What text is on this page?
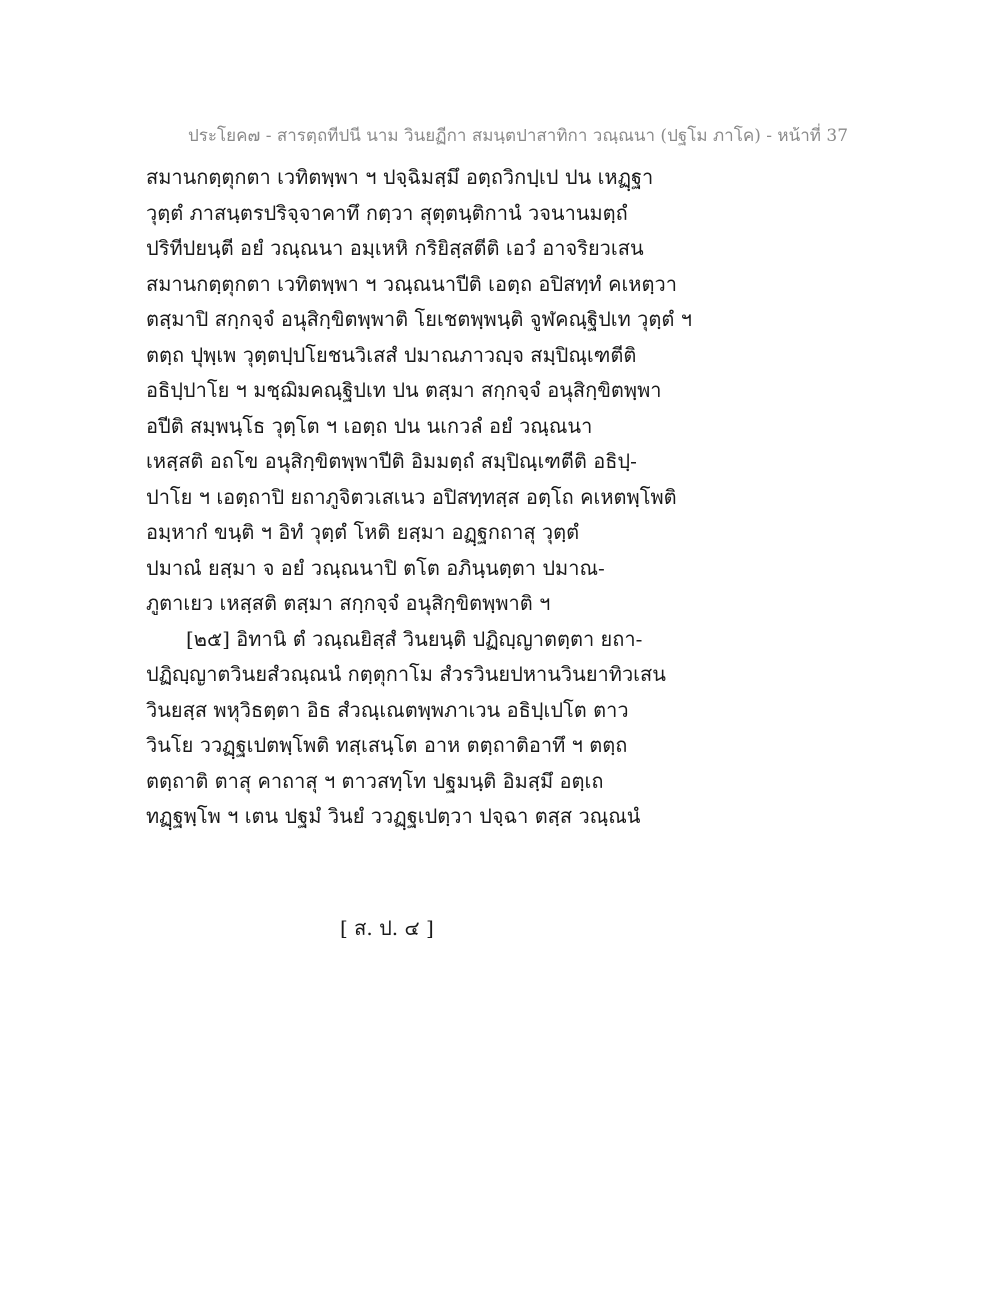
ประโยค๗ - สารตฺถทีปนี นาม วินยฏีกา สมนฺตปาสาทิกา วณฺณนา (ปฐโม ภาโค) - หน้าที่ 37
สมานกตฺตุกตา เวทิตพฺพา ฯ ปจฺฉิมสฺมึ อตฺถวิกปฺเป ปน เหฏฺฐา
วุตฺตํ ภาสนฺตรปริจฺจาคาทึ กตฺวา สุตฺตนฺติกานํ วจนานมตฺถํ
ปริทีปยนฺตี อยํ วณฺณนา อมฺเหหิ กริยิสฺสตีติ เอวํ อาจริยวเสน
สมานกตฺตุกตา เวทิตพฺพา ฯ วณฺณนาปีติ เอตฺถ อปิสทฺทํ คเหตฺวา
ตสฺมาปิ สกฺกจฺจํ อนุสิกฺขิตพฺพาติ โยเชตพฺพนฺติ จูฬคณฺฐิปเท วุตฺตํ ฯ
ตตฺถ ปุพฺเพ วุตฺตปฺปโยชนวิเสสํ ปมาณภาวญฺจ สมฺปิณฺเฑตีติ
อธิปฺปาโย ฯ มชฺฌิมคณฺฐิปเท ปน ตสฺมา สกฺกจฺจํ อนุสิกฺขิตพฺพา
อปีติ สมฺพนฺโธ วุตฺโต ฯ เอตฺถ ปน นเกวลํ อยํ วณฺณนา
เหสฺสติ อถโข อนุสิกฺขิตพฺพาปีติ อิมมตฺถํ สมฺปิณฺเฑตีติ อธิปฺ-
ปาโย ฯ เอตฺถาปิ ยถาภูจิตวเสเนว อปิสทฺทสฺส อตฺโถ คเหตพฺโพติ
อมฺหากํ ขนฺติ ฯ อิทํ วุตฺตํ โหติ ยสฺมา อฏฺฐกถาสุ วุตฺตํ
ปมาณํ ยสฺมา จ อยํ วณฺณนาปิ ตโต อภินฺนตฺตา ปมาณ-
ภูตาเยว เหสฺสติ ตสฺมา สกฺกจฺจํ อนุสิกฺขิตพฺพาติ ฯ
[๒๕] อิทานิ ตํ วณฺณยิสฺสํ วินยนฺติ ปฏิญฺญาตตฺตา ยถา-
ปฏิญฺญาตวินยสํวณฺณนํ กตฺตุกาโม สํวรวินยปหานวินยาทิวเสน
วินยสฺส พหุวิธตฺตา อิธ สํวณฺเณตพฺพภาเวน อธิปฺเปโต ตาว
วินโย ววฏฺฐเปตพฺโพติ ทสฺเสนฺโต อาห ตตฺถาติอาทึ ฯ ตตฺถ
ตตฺถาติ ตาสุ คาถาสุ ฯ ตาวสทฺโท ปฐมนฺติ อิมสฺมึ อตฺเถ
ทฏฺฐพฺโพ ฯ เตน ปฐมํ วินยํ ววฏฺฐเปตฺวา ปจฺฉา ตสฺส วณฺณนํ
[ ส. ป. ๔ ]
